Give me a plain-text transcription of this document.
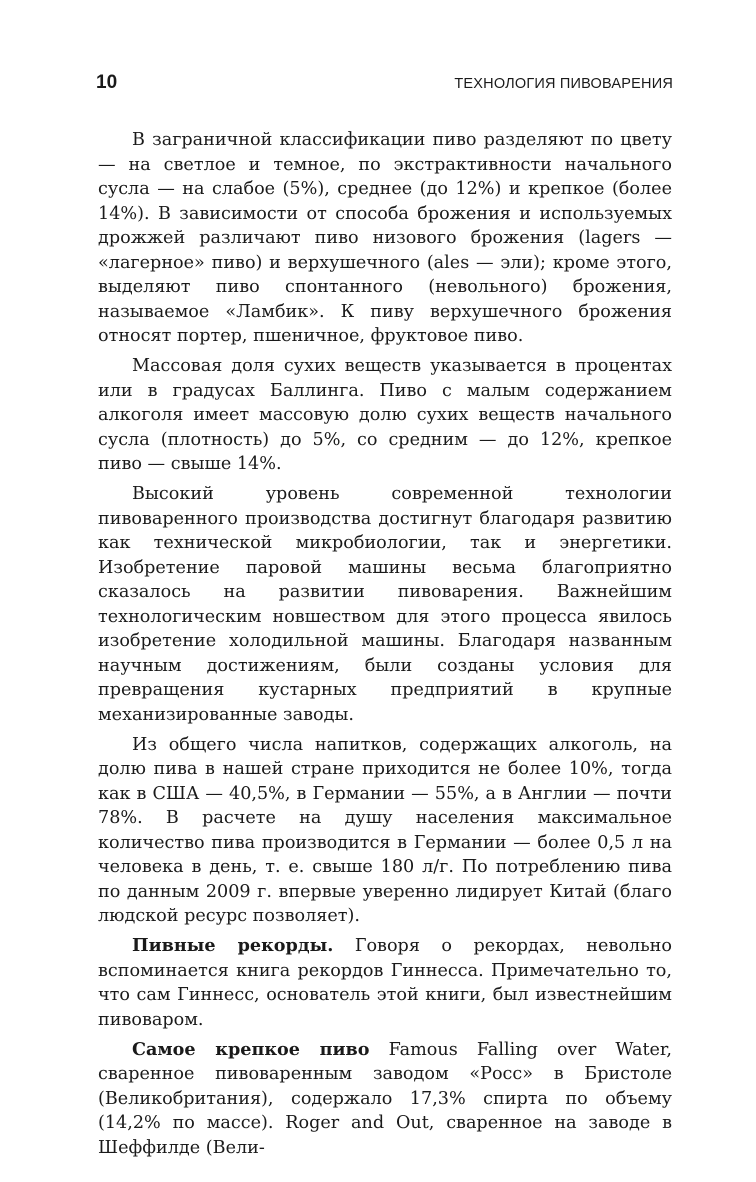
10	ТЕХНОЛОГИЯ ПИВОВАРЕНИЯ

В заграничной классификации пиво разделяют по цвету — на светлое и темное, по экстрактивности начального сусла — на слабое (5%), среднее (до 12%) и крепкое (более 14%). В зависимости от способа брожения и используемых дрожжей различают пиво низового брожения (lagers — «лагерное» пиво) и верхушечного (ales — эли); кроме этого, выделяют пиво спонтанного (невольного) брожения, называемое «Ламбик». К пиву верхушечного брожения относят портер, пшеничное, фруктовое пиво.

Массовая доля сухих веществ указывается в процентах или в градусах Баллинга. Пиво с малым содержанием алкоголя имеет массовую долю сухих веществ начального сусла (плотность) до 5%, со средним — до 12%, крепкое пиво — свыше 14%.

Высокий уровень современной технологии пивоваренного производства достигнут благодаря развитию как технической микробиологии, так и энергетики. Изобретение паровой машины весьма благоприятно сказалось на развитии пивоварения. Важнейшим технологическим новшеством для этого процесса явилось изобретение холодильной машины. Благодаря названным научным достижениям, были созданы условия для превращения кустарных предприятий в крупные механизированные заводы.

Из общего числа напитков, содержащих алкоголь, на долю пива в нашей стране приходится не более 10%, тогда как в США — 40,5%, в Германии — 55%, а в Англии — почти 78%. В расчете на душу населения максимальное количество пива производится в Германии — более 0,5 л на человека в день, т. е. свыше 180 л/г. По потреблению пива по данным 2009 г. впервые уверенно лидирует Китай (благо людской ресурс позволяет).

Пивные рекорды. Говоря о рекордах, невольно вспоминается книга рекордов Гиннесса. Примечательно то, что сам Гиннесс, основатель этой книги, был известнейшим пивоваром.

Самое крепкое пиво Famous Falling over Water, сваренное пивоваренным заводом «Росс» в Бристоле (Великобритания), содержало 17,3% спирта по объему (14,2% по массе). Roger and Out, сваренное на заводе в Шеффилде (Вели-
